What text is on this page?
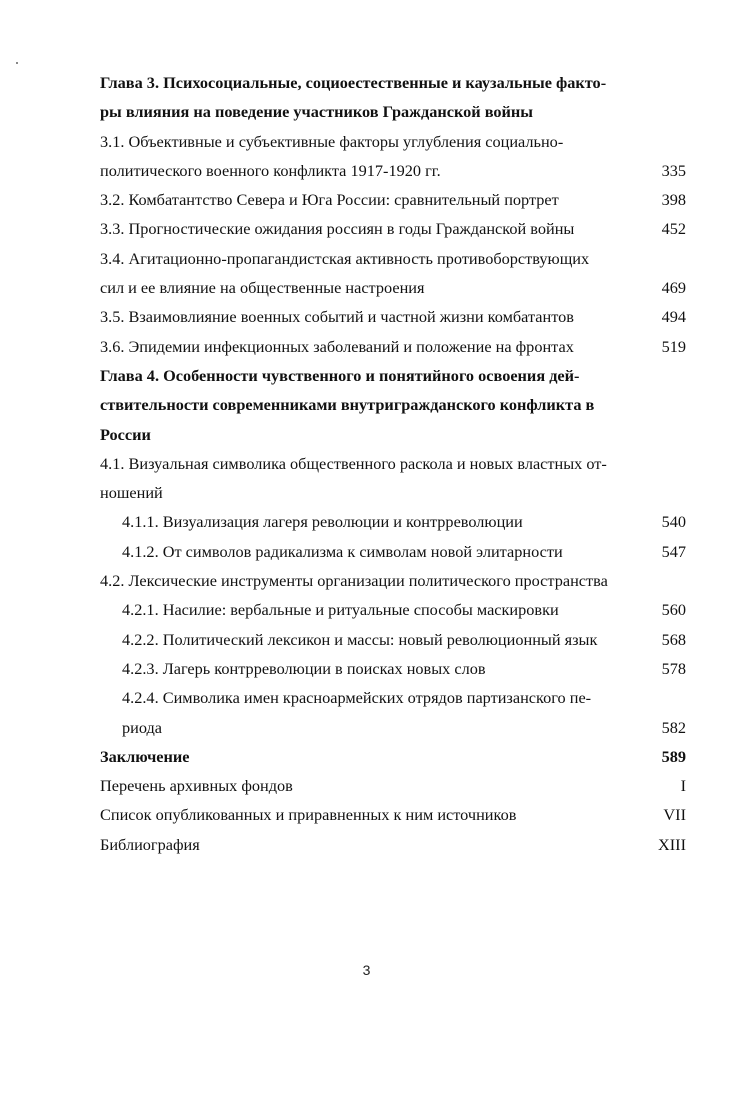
Глава 3. Психосоциальные, социоестественные и каузальные факто-
ры влияния на поведение участников Гражданской войны
3.1. Объективные и субъективные факторы углубления социально-
политического военного конфликта 1917-1920 гг.	335
3.2. Комбатантство Севера и Юга России: сравнительный портрет	398
3.3. Прогностические ожидания россиян в годы Гражданской войны	452
3.4. Агитационно-пропагандистская активность противоборствующих
сил и ее влияние на общественные настроения	469
3.5. Взаимовлияние военных событий и частной жизни комбатантов	494
3.6. Эпидемии инфекционных заболеваний и положение на фронтах	519
Глава 4. Особенности чувственного и понятийного освоения дей-
ствительности современниками внутригражданского конфликта в
России
4.1. Визуальная символика общественного раскола и новых властных от-
ношений
4.1.1. Визуализация лагеря революции и контрреволюции	540
4.1.2. От символов радикализма к символам новой элитарности	547
4.2. Лексические инструменты организации политического пространства
4.2.1. Насилие: вербальные и ритуальные способы маскировки	560
4.2.2. Политический лексикон и массы: новый революционный язык	568
4.2.3. Лагерь контрреволюции в поисках новых слов	578
4.2.4. Символика имен красноармейских отрядов партизанского пе-
риода	582
Заключение	589
Перечень архивных фондов	I
Список опубликованных и приравненных к ним источников	VII
Библиография	XIII
3
